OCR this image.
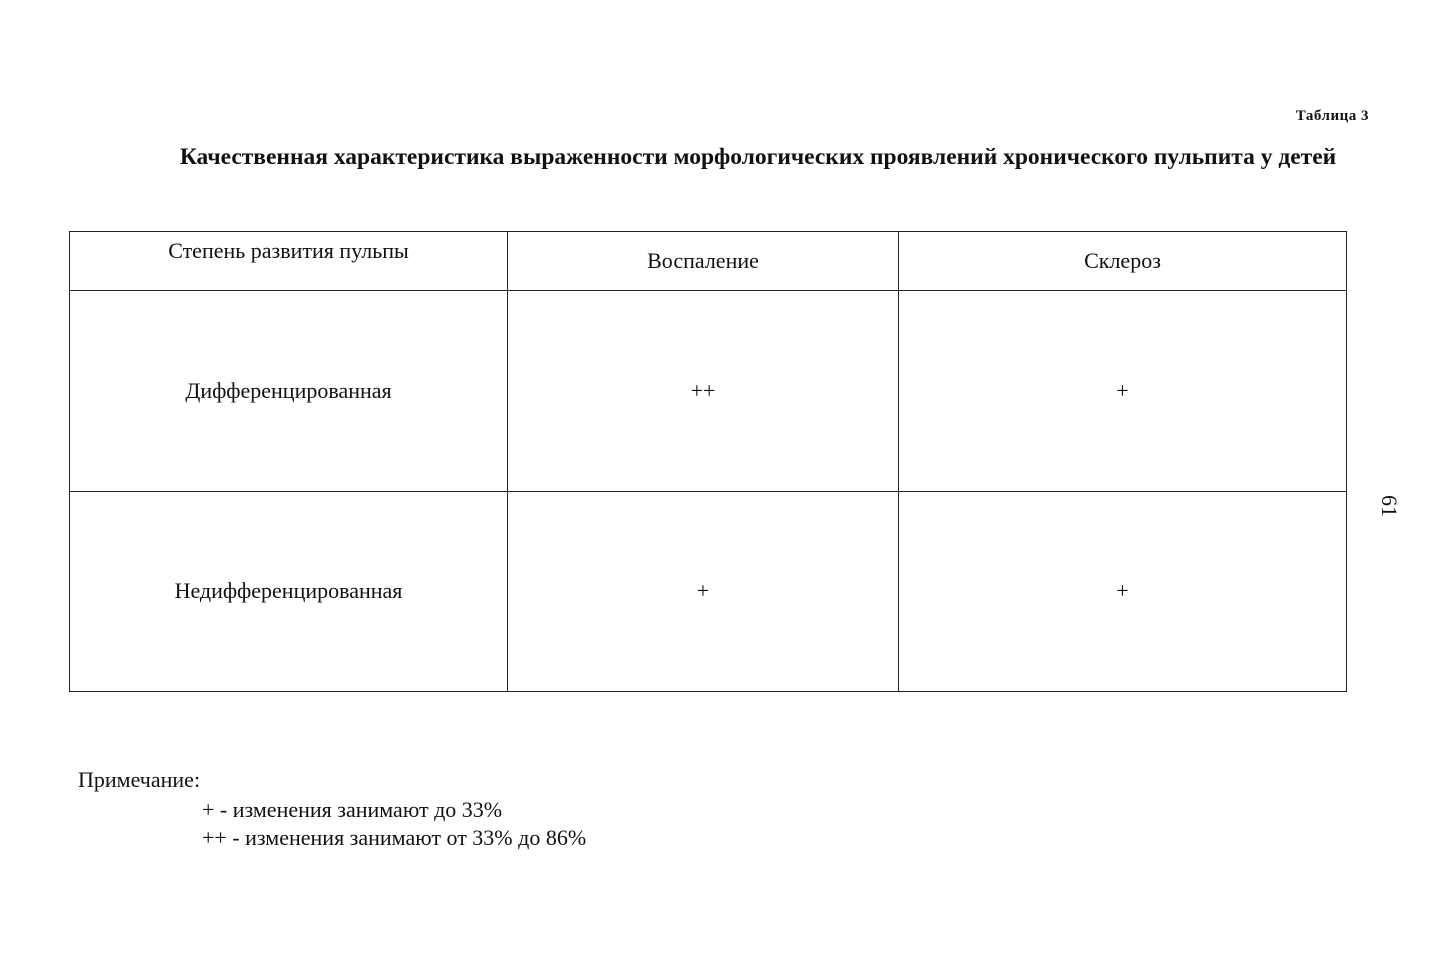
Таблица 3
Качественная характеристика выраженности морфологических проявлений хронического пульпита у детей
Степень развития пульпы	Воспаление	Склероз
Дифференцированная	++	+
Недифференцированная	+	+
Примечание:
+ - изменения занимают до 33%
++ - изменения занимают от 33% до 86%
61
